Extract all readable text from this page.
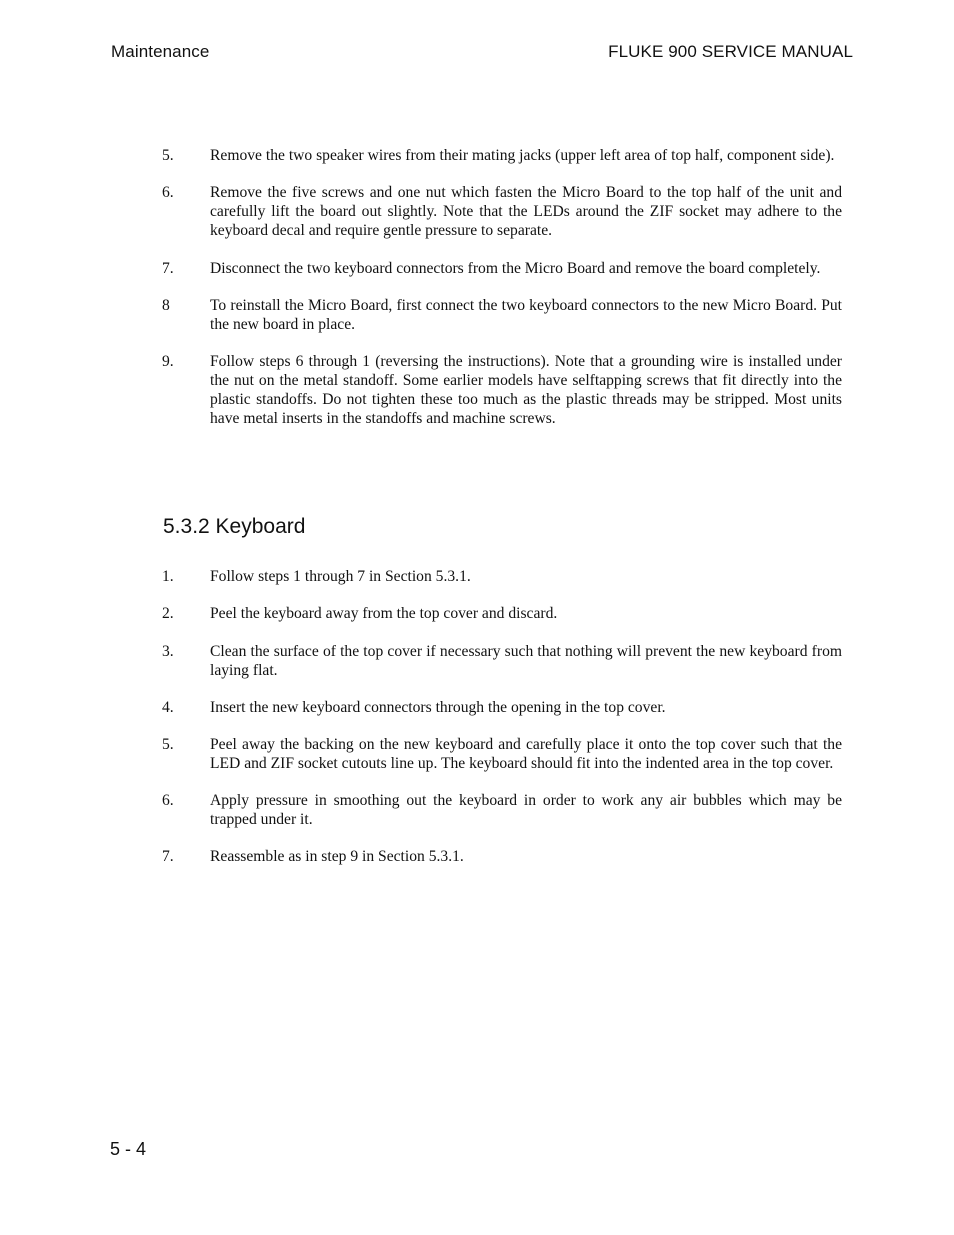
Maintenance	FLUKE 900 SERVICE MANUAL
5.	Remove the two speaker wires from their mating jacks (upper left area of top half, component side).
6.	Remove the five screws and one nut which fasten the Micro Board to the top half of the unit and carefully lift the board out slightly. Note that the LEDs around the ZIF socket may adhere to the keyboard decal and require gentle pressure to separate.
7.	Disconnect the two keyboard connectors from the Micro Board and remove the board completely.
8	To reinstall the Micro Board, first connect the two keyboard connectors to the new Micro Board. Put the new board in place.
9.	Follow steps 6 through 1 (reversing the instructions). Note that a grounding wire is installed under the nut on the metal standoff. Some earlier models have selftapping screws that fit directly into the plastic standoffs. Do not tighten these too much as the plastic threads may be stripped. Most units have metal inserts in the standoffs and machine screws.
5.3.2 Keyboard
1.	Follow steps 1 through 7 in Section 5.3.1.
2.	Peel the keyboard away from the top cover and discard.
3.	Clean the surface of the top cover if necessary such that nothing will prevent the new keyboard from laying flat.
4.	Insert the new keyboard connectors through the opening in the top cover.
5.	Peel away the backing on the new keyboard and carefully place it onto the top cover such that the LED and ZIF socket cutouts line up. The keyboard should fit into the indented area in the top cover.
6.	Apply pressure in smoothing out the keyboard in order to work any air bubbles which may be trapped under it.
7.	Reassemble as in step 9 in Section 5.3.1.
5 - 4
